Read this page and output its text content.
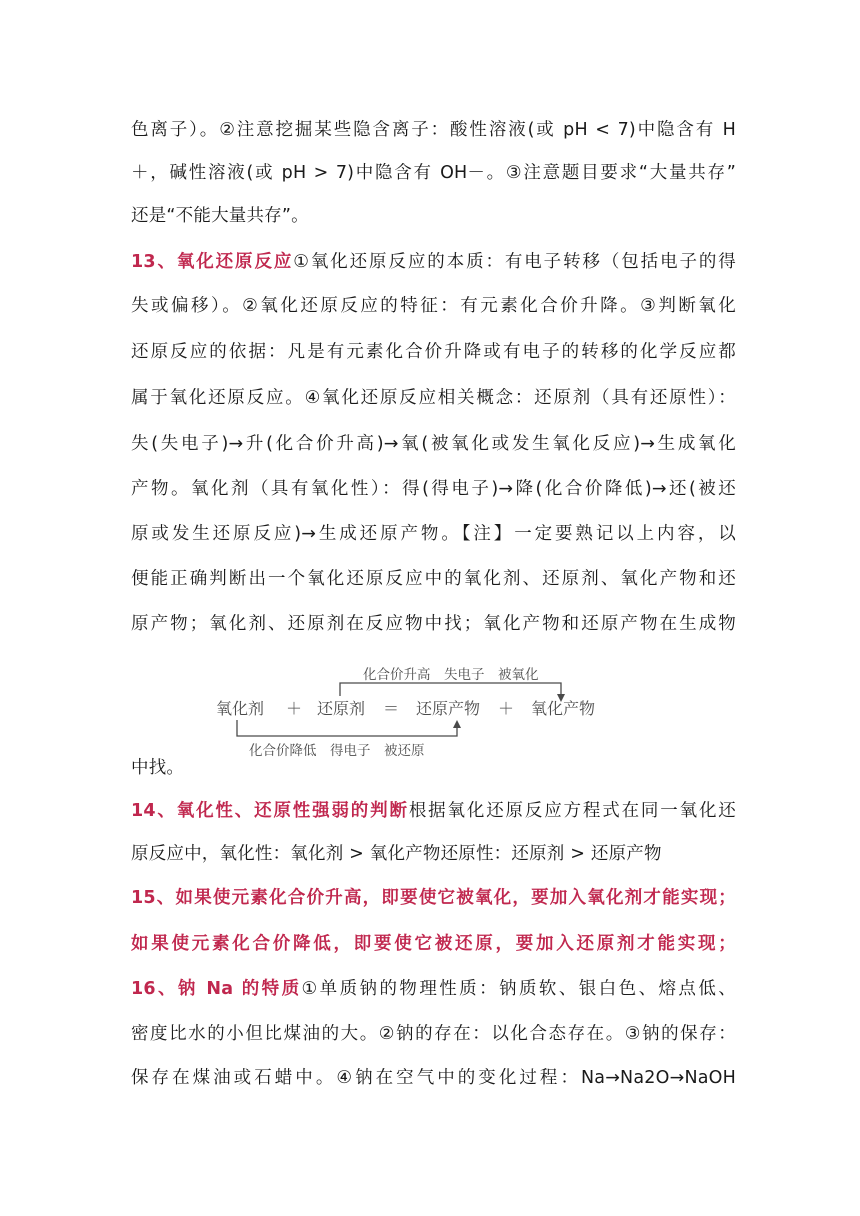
色离子）。②注意挖掘某些隐含离子：酸性溶液(或 pH < 7)中隐含有 H
＋，碱性溶液(或 pH > 7)中隐含有 OH－。③注意题目要求“大量共存”
还是“不能大量共存”。
13、氧化还原反应①氧化还原反应的本质：有电子转移（包括电子的得
失或偏移）。②氧化还原反应的特征：有元素化合价升降。③判断氧化
还原反应的依据：凡是有元素化合价升降或有电子的转移的化学反应都
属于氧化还原反应。④氧化还原反应相关概念：还原剂（具有还原性）：
失(失电子)→升(化合价升高)→氧(被氧化或发生氧化反应)→生成氧化
产物。氧化剂（具有氧化性）：得(得电子)→降(化合价降低)→还(被还
原或发生还原反应)→生成还原产物。【注】一定要熟记以上内容，以
便能正确判断出一个氧化还原反应中的氧化剂、还原剂、氧化产物和还
原产物；氧化剂、还原剂在反应物中找；氧化产物和还原产物在生成物
化合价升高　失电子　被氧化
氧化剂 ＋ 还原剂 ＝ 还原产物 ＋ 氧化产物
化合价降低　得电子　被还原
中找。
14、氧化性、还原性强弱的判断根据氧化还原反应方程式在同一氧化还
原反应中，氧化性：氧化剂 > 氧化产物还原性：还原剂 > 还原产物
15、如果使元素化合价升高，即要使它被氧化，要加入氧化剂才能实现；
如果使元素化合价降低，即要使它被还原，要加入还原剂才能实现；
16、钠 Na 的特质①单质钠的物理性质：钠质软、银白色、熔点低、
密度比水的小但比煤油的大。②钠的存在：以化合态存在。③钠的保存：
保存在煤油或石蜡中。④钠在空气中的变化过程：Na→Na2O→NaOH
